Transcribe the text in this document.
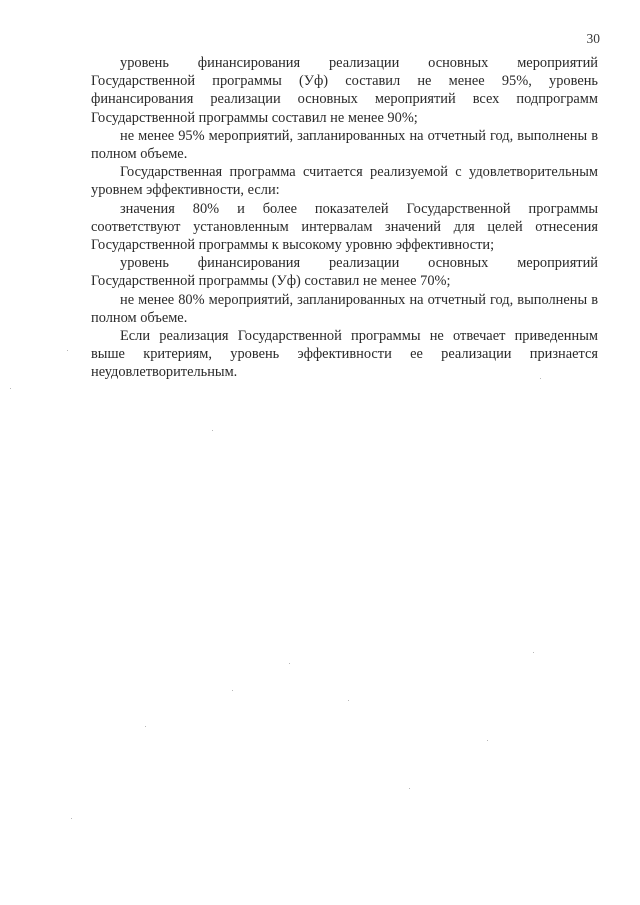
30

уровень финансирования реализации основных мероприятий Государственной программы (Уф) составил не менее 95%, уровень финансирования реализации основных мероприятий всех подпрограмм Государственной программы составил не менее 90%;

не менее 95% мероприятий, запланированных на отчетный год, выполнены в полном объеме.

Государственная программа считается реализуемой с удовлетворительным уровнем эффективности, если:

значения 80% и более показателей Государственной программы соответствуют установленным интервалам значений для целей отнесения Государственной программы к высокому уровню эффективности;

уровень финансирования реализации основных мероприятий Государственной программы (Уф) составил не менее 70%;

не менее 80% мероприятий, запланированных на отчетный год, выполнены в полном объеме.

Если реализация Государственной программы не отвечает приведенным выше критериям, уровень эффективности ее реализации признается неудовлетворительным.
